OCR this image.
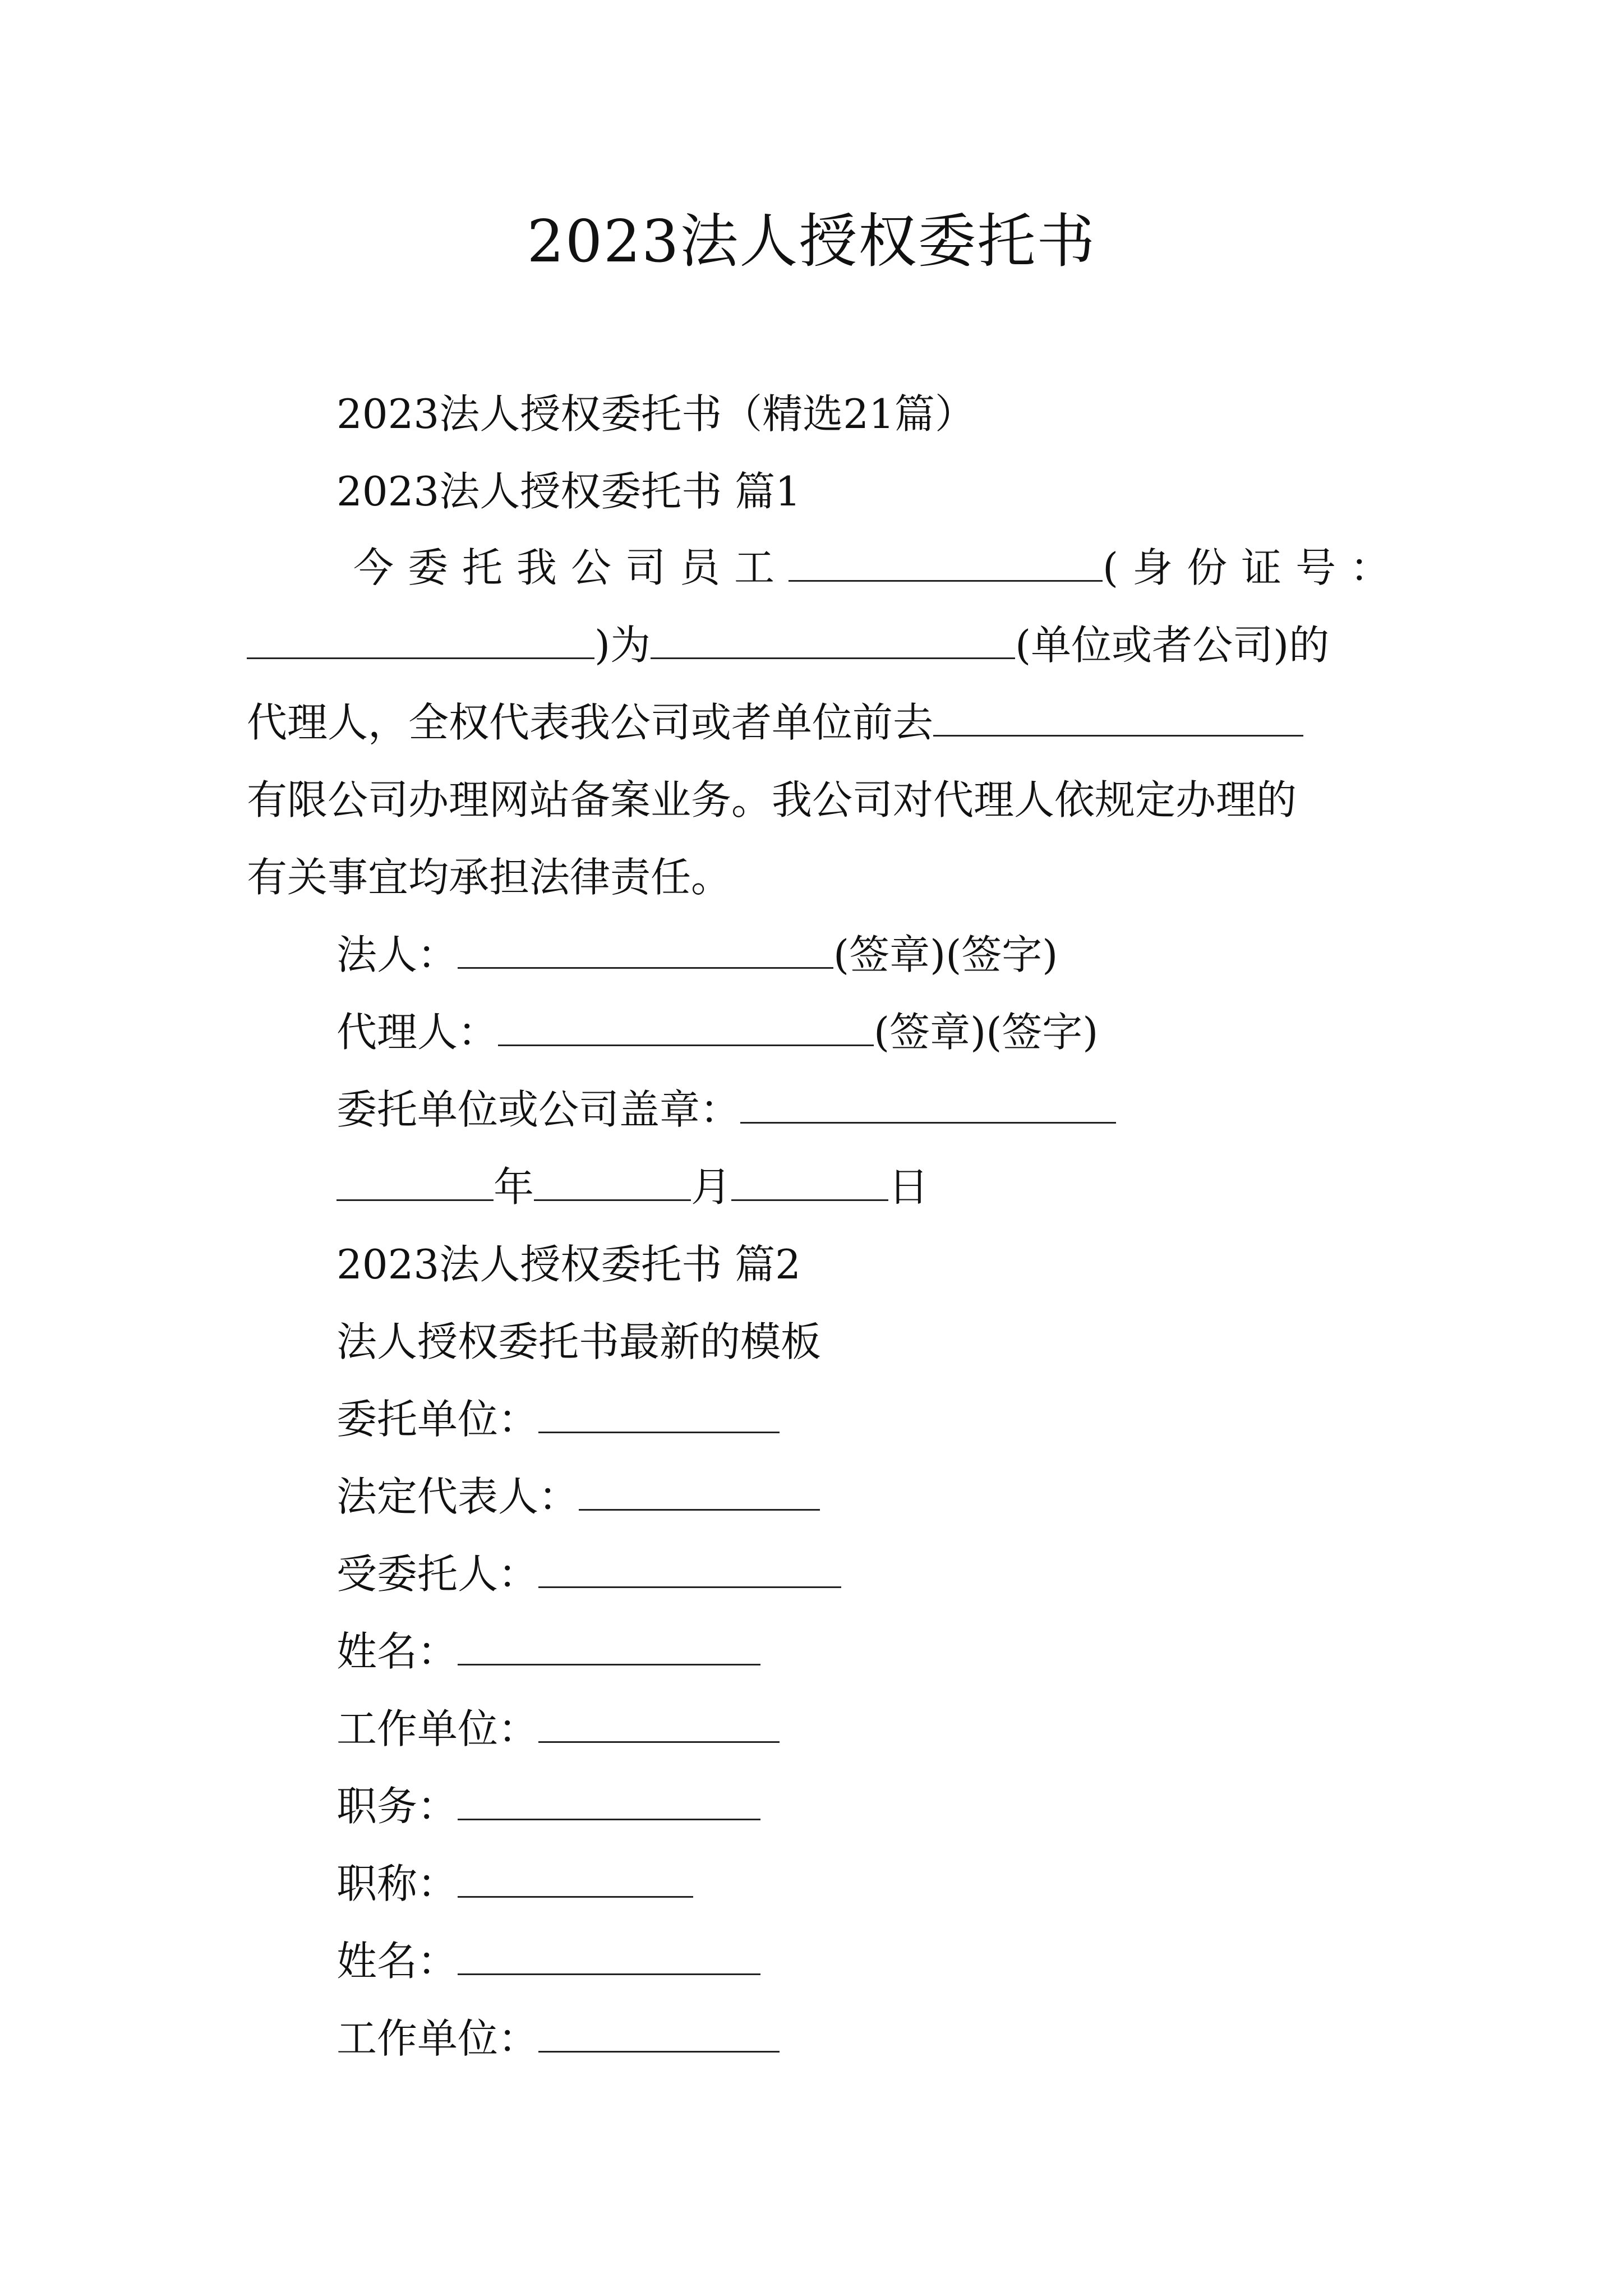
2023法人授权委托书
2023法人授权委托书（精选21篇）
2023法人授权委托书 篇1
今委托我公司员工	(身份证号：
)为	(单位或者公司)的
代理人，全权代表我公司或者单位前去
有限公司办理网站备案业务。我公司对代理人依规定办理的
有关事宜均承担法律责任。
法人：	(签章)(签字)
代理人：	(签章)(签字)
委托单位或公司盖章：
年	月	日
2023法人授权委托书 篇2
法人授权委托书最新的模板
委托单位：
法定代表人：
受委托人：
姓名：
工作单位：
职务：
职称：
姓名：
工作单位：
